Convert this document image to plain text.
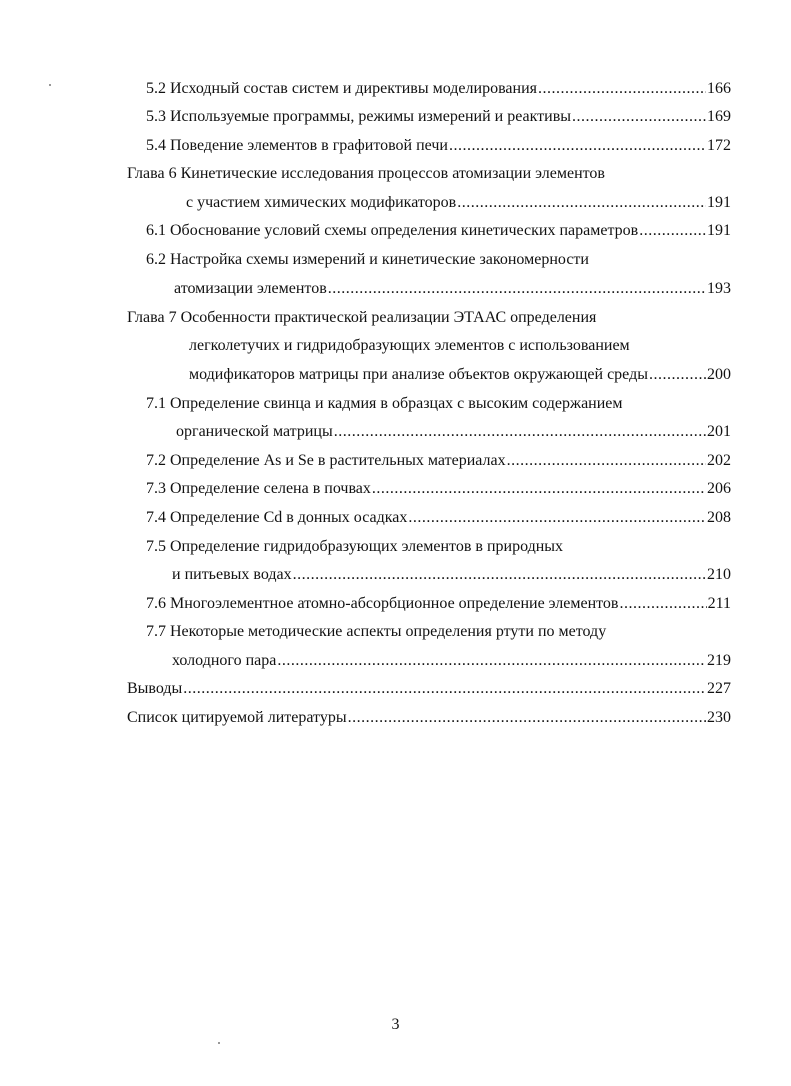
5.2 Исходный состав систем и директивы моделирования .....	166
5.3 Используемые программы, режимы измерений и реактивы .....	169
5.4 Поведение элементов в графитовой печи .....	172
Глава 6 Кинетические исследования процессов атомизации элементов
с участием химических модификаторов .....	191
6.1 Обоснование условий схемы определения кинетических параметров .....	191
6.2 Настройка схемы измерений и кинетические закономерности
атомизации элементов .....	193
Глава 7 Особенности практической реализации ЭТААС определения
легколетучих и гидридобразующих элементов с использованием
модификаторов матрицы при анализе объектов окружающей среды .....	200
7.1 Определение свинца и кадмия в образцах с высоким содержанием
органической матрицы .....	201
7.2 Определение As и Se в растительных материалах .....	202
7.3 Определение селена в почвах .....	206
7.4 Определение Cd в донных осадках .....	208
7.5 Определение гидридобразующих элементов в природных
и питьевых водах .....	210
7.6 Многоэлементное атомно-абсорбционное определение элементов .....	211
7.7 Некоторые методические аспекты определения ртути по методу
холодного пара .....	219
Выводы .....	227
Список цитируемой литературы .....	230
3
